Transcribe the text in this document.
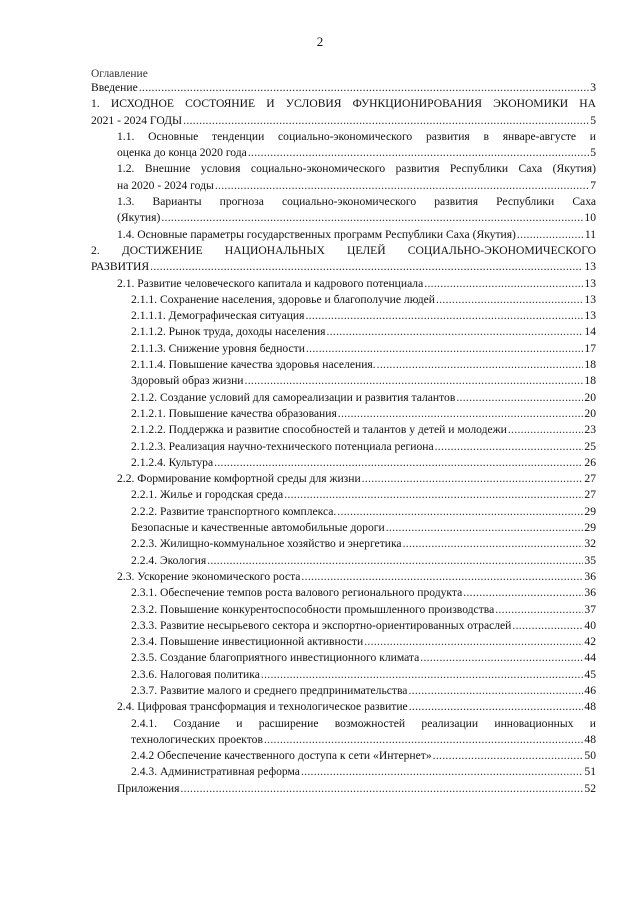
2
Оглавление
Введение .....	3
1. ИСХОДНОЕ СОСТОЯНИЕ И УСЛОВИЯ ФУНКЦИОНИРОВАНИЯ ЭКОНОМИКИ НА
2021 - 2024 ГОДЫ .....	5
1.1. Основные тенденции социально-экономического развития в январе-августе и
оценка до конца 2020 года .....	5
1.2. Внешние условия социально-экономического развития Республики Саха (Якутия)
на 2020 - 2024 годы .....	7
1.3. Варианты прогноза социально-экономического развития Республики Саха
(Якутия) .....	10
1.4. Основные параметры государственных программ Республики Саха (Якутия) .....	11
2. ДОСТИЖЕНИЕ НАЦИОНАЛЬНЫХ ЦЕЛЕЙ СОЦИАЛЬНО-ЭКОНОМИЧЕСКОГО
РАЗВИТИЯ .....	13
2.1. Развитие человеческого капитала и кадрового потенциала .....	13
2.1.1. Сохранение населения, здоровье и благополучие людей .....	13
2.1.1.1. Демографическая ситуация .....	13
2.1.1.2. Рынок труда, доходы населения .....	14
2.1.1.3. Снижение уровня бедности .....	17
2.1.1.4. Повышение качества здоровья населения. .....	18
Здоровый образ жизни .....	18
2.1.2. Создание условий для самореализации и развития талантов .....	20
2.1.2.1. Повышение качества образования .....	20
2.1.2.2. Поддержка и развитие способностей и талантов у детей и молодежи .....	23
2.1.2.3. Реализация научно-технического потенциала региона .....	25
2.1.2.4. Культура .....	26
2.2. Формирование комфортной среды для жизни .....	27
2.2.1. Жилье и городская среда .....	27
2.2.2. Развитие транспортного комплекса. .....	29
Безопасные и качественные автомобильные дороги .....	29
2.2.3. Жилищно-коммунальное хозяйство и энергетика .....	32
2.2.4. Экология .....	35
2.3. Ускорение экономического роста .....	36
2.3.1. Обеспечение темпов роста валового регионального продукта .....	36
2.3.2. Повышение конкурентоспособности промышленного производства .....	37
2.3.3. Развитие несырьевого сектора и экспортно-ориентированных отраслей .....	40
2.3.4. Повышение инвестиционной активности .....	42
2.3.5. Создание благоприятного инвестиционного климата .....	44
2.3.6. Налоговая политика .....	45
2.3.7. Развитие малого и среднего предпринимательства .....	46
2.4. Цифровая трансформация и технологическое развитие .....	48
2.4.1. Создание и расширение возможностей реализации инновационных и
технологических проектов .....	48
2.4.2 Обеспечение качественного доступа к сети «Интернет» .....	50
2.4.3. Административная реформа .....	51
Приложения .....	52
